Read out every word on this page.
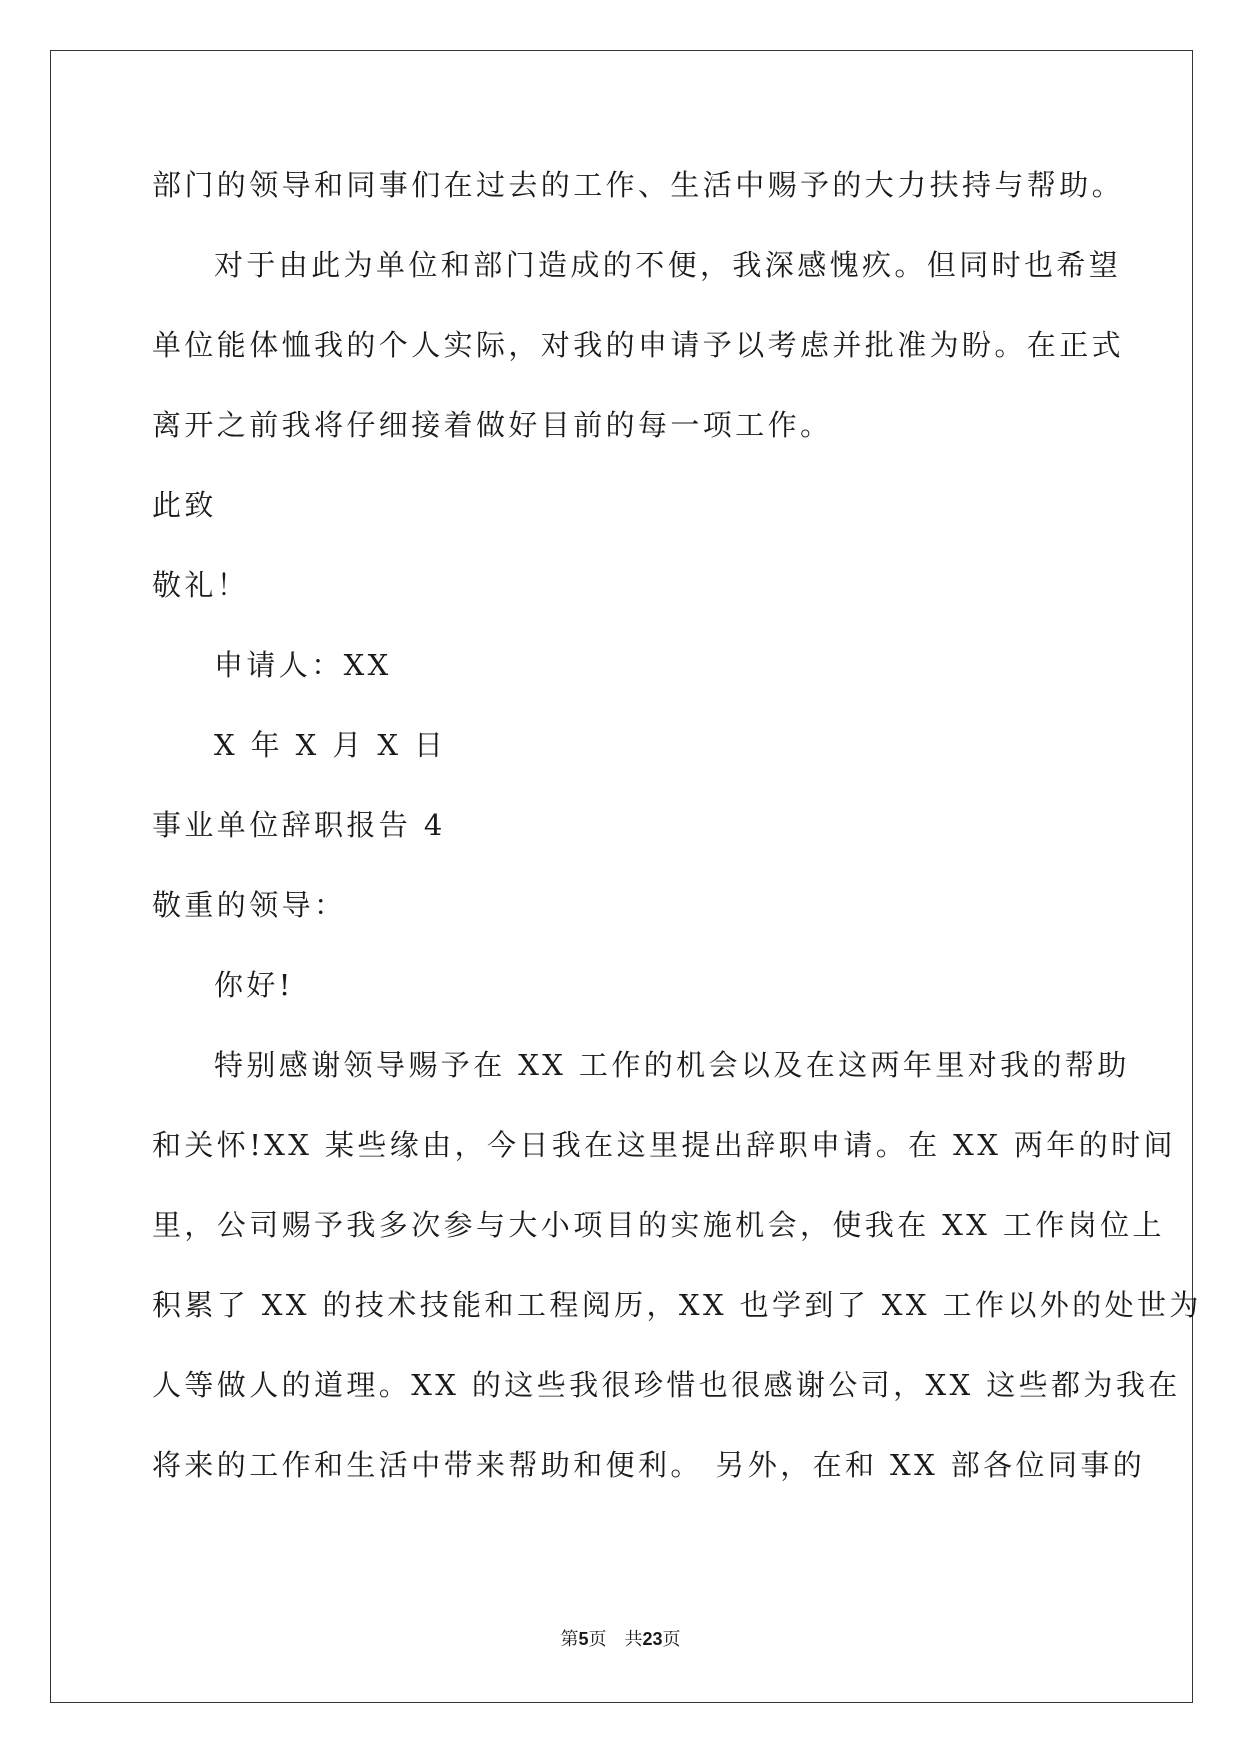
部门的领导和同事们在过去的工作、生活中赐予的大力扶持与帮助。
对于由此为单位和部门造成的不便，我深感愧疚。但同时也希望
单位能体恤我的个人实际，对我的申请予以考虑并批准为盼。在正式
离开之前我将仔细接着做好目前的每一项工作。
此致
敬礼！
申请人：XX
X 年 X 月 X 日
事业单位辞职报告 4
敬重的领导：
你好!
特别感谢领导赐予在 XX 工作的机会以及在这两年里对我的帮助
和关怀!XX 某些缘由，今日我在这里提出辞职申请。在 XX 两年的时间
里，公司赐予我多次参与大小项目的实施机会，使我在 XX 工作岗位上
积累了 XX 的技术技能和工程阅历，XX 也学到了 XX 工作以外的处世为
人等做人的道理。XX 的这些我很珍惜也很感谢公司，XX 这些都为我在
将来的工作和生活中带来帮助和便利。 另外，在和 XX 部各位同事的
第5页 共23页
